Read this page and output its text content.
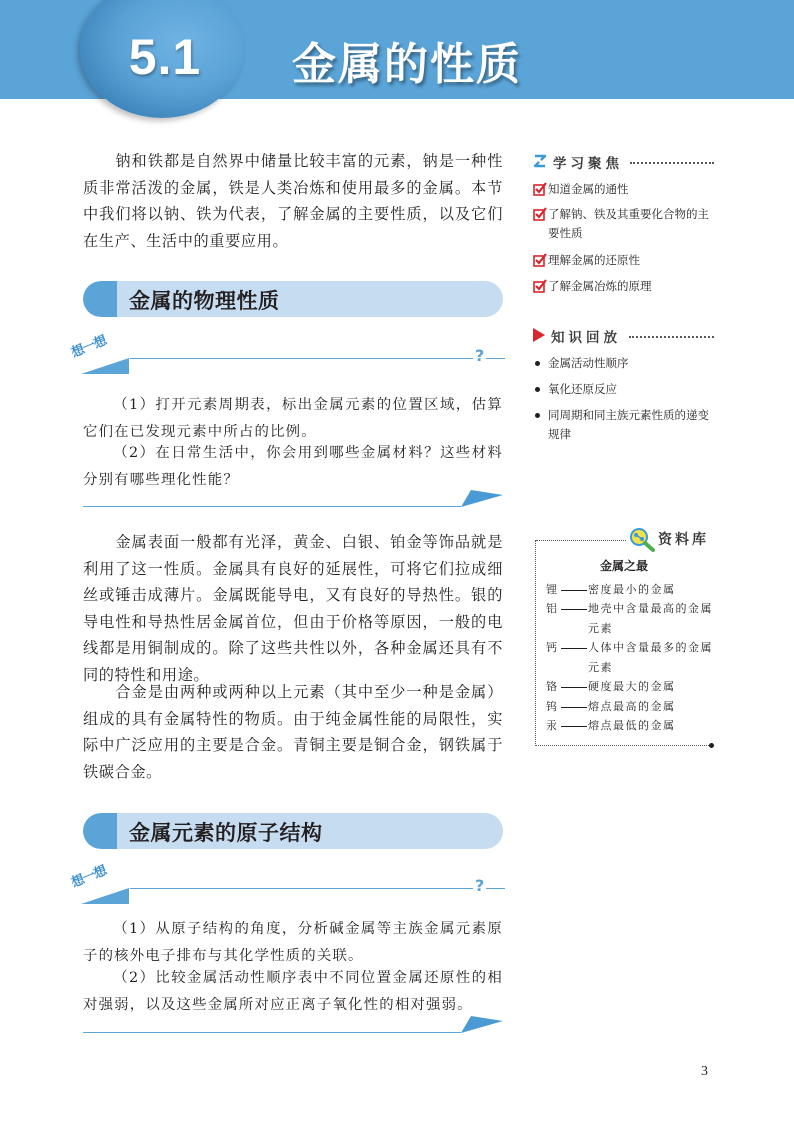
5.1 金属的性质

钠和铁都是自然界中储量比较丰富的元素，钠是一种性质非常活泼的金属，铁是人类冶炼和使用最多的金属。本节中我们将以钠、铁为代表，了解金属的主要性质，以及它们在生产、生活中的重要应用。

金属的物理性质
想一想	?

（1）打开元素周期表，标出金属元素的位置区域，估算它们在已发现元素中所占的比例。

（2）在日常生活中，你会用到哪些金属材料？这些材料分别有哪些理化性能？

金属表面一般都有光泽，黄金、白银、铂金等饰品就是利用了这一性质。金属具有良好的延展性，可将它们拉成细丝或锤击成薄片。金属既能导电，又有良好的导热性。银的导电性和导热性居金属首位，但由于价格等原因，一般的电线都是用铜制成的。除了这些共性以外，各种金属还具有不同的特性和用途。

合金是由两种或两种以上元素（其中至少一种是金属）组成的具有金属特性的物质。由于纯金属性能的局限性，实际中广泛应用的主要是合金。青铜主要是铜合金，钢铁属于铁碳合金。

金属元素的原子结构
想一想	?

（1）从原子结构的角度，分析碱金属等主族金属元素原子的核外电子排布与其化学性质的关联。

（2）比较金属活动性顺序表中不同位置金属还原性的相对强弱，以及这些金属所对应正离子氧化性的相对强弱。

学习聚焦
知道金属的通性
了解钠、铁及其重要化合物的主要性质
理解金属的还原性
了解金属冶炼的原理
知识回放
金属活动性顺序
氧化还原反应
同周期和同主族元素性质的递变规律
资料库
金属之最
锂	密度最小的金属
铝	地壳中含量最高的金属元素
钙	人体中含量最多的金属元素
铬	硬度最大的金属
钨	熔点最高的金属
汞	熔点最低的金属
3
